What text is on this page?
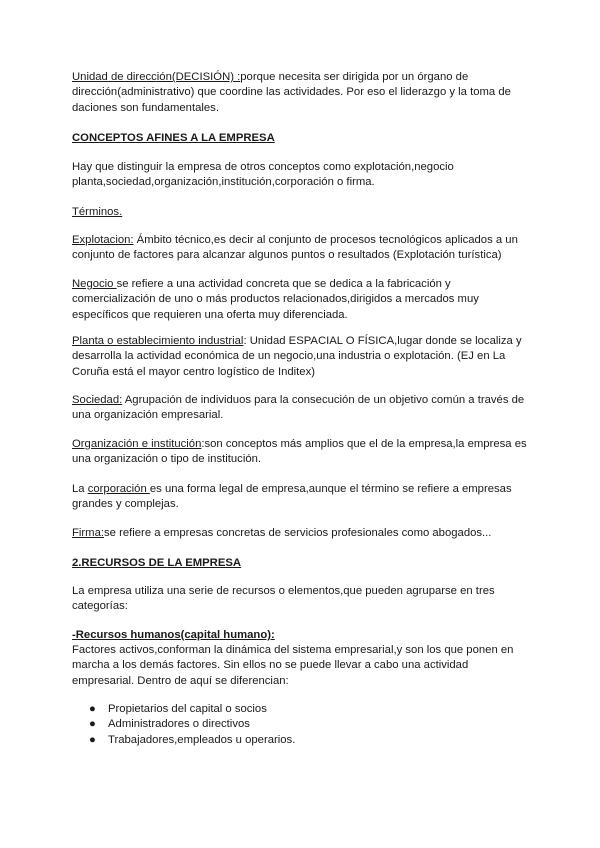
Unidad de dirección(DECISIÓN) :porque necesita ser dirigida por un órgano de dirección(administrativo) que coordine las actividades. Por eso el liderazgo y la toma de daciones son fundamentales.

CONCEPTOS AFINES A LA EMPRESA

Hay que distinguir la empresa de otros conceptos como explotación,negocio planta,sociedad,organización,institución,corporación o firma.

Términos.

Explotacion: Ámbito técnico,es decir al conjunto de procesos tecnológicos aplicados a un conjunto de factores para alcanzar algunos puntos o resultados (Explotación turística)

Negocio se refiere a una actividad concreta que se dedica a la fabricación y comercialización de uno o más productos relacionados,dirigidos a mercados muy específicos que requieren una oferta muy diferenciada.

Planta o establecimiento industrial: Unidad ESPACIAL O FÍSICA,lugar donde se localiza y desarrolla la actividad económica de un negocio,una industria o explotación. (EJ en La Coruña está el mayor centro logístico de Inditex)

Sociedad: Agrupación de individuos para la consecución de un objetivo común a través de una organización empresarial.

Organización e institución:son conceptos más amplios que el de la empresa,la empresa es una organización o tipo de institución.

La corporación es una forma legal de empresa,aunque el término se refiere a empresas grandes y complejas.

Firma:se refiere a empresas concretas de servicios profesionales como abogados...

2.RECURSOS DE LA EMPRESA

La empresa utiliza una serie de recursos o elementos,que pueden agruparse en tres categorías:

-Recursos humanos(capital humano):

Factores activos,conforman la dinámica del sistema empresarial,y son los que ponen en marcha a los demás factores. Sin ellos no se puede llevar a cabo una actividad empresarial. Dentro de aquí se diferencian:

● Propietarios del capital o socios
● Administradores o directivos
● Trabajadores,empleados u operarios.
